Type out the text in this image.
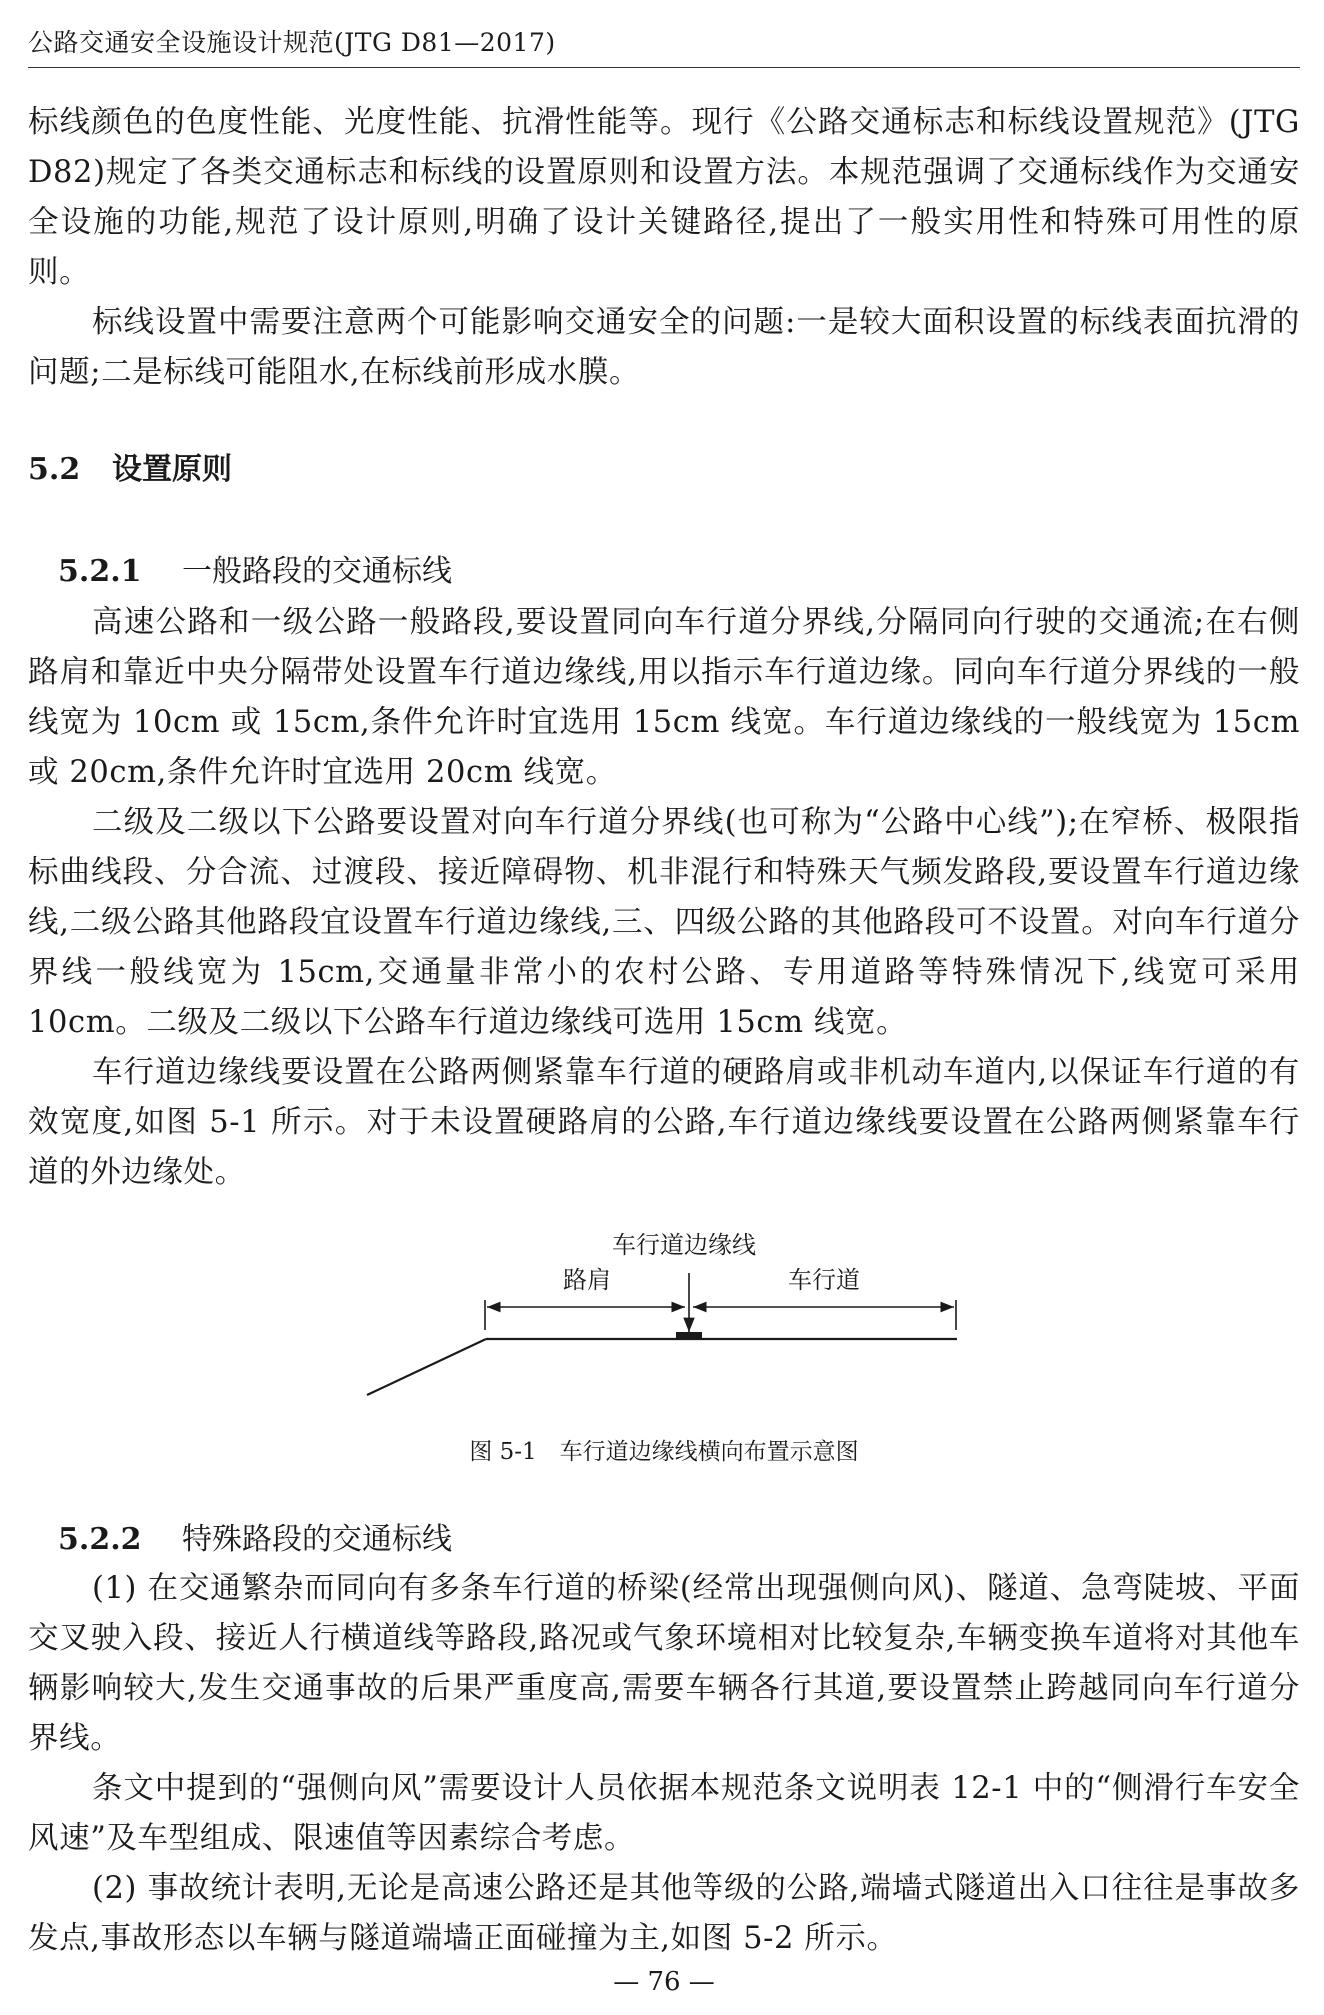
公路交通安全设施设计规范(JTG D81—2017)

标线颜色的色度性能、光度性能、抗滑性能等。现行《公路交通标志和标线设置规范》(JTG D82)规定了各类交通标志和标线的设置原则和设置方法。本规范强调了交通标线作为交通安全设施的功能,规范了设计原则,明确了设计关键路径,提出了一般实用性和特殊可用性的原则。

标线设置中需要注意两个可能影响交通安全的问题:一是较大面积设置的标线表面抗滑的问题;二是标线可能阻水,在标线前形成水膜。

5.2 设置原则
5.2.1 一般路段的交通标线

高速公路和一级公路一般路段,要设置同向车行道分界线,分隔同向行驶的交通流;在右侧路肩和靠近中央分隔带处设置车行道边缘线,用以指示车行道边缘。同向车行道分界线的一般线宽为 10cm 或 15cm,条件允许时宜选用 15cm 线宽。车行道边缘线的一般线宽为 15cm 或 20cm,条件允许时宜选用 20cm 线宽。

二级及二级以下公路要设置对向车行道分界线(也可称为“公路中心线”);在窄桥、极限指标曲线段、分合流、过渡段、接近障碍物、机非混行和特殊天气频发路段,要设置车行道边缘线,二级公路其他路段宜设置车行道边缘线,三、四级公路的其他路段可不设置。对向车行道分界线一般线宽为 15cm,交通量非常小的农村公路、专用道路等特殊情况下,线宽可采用 10cm。二级及二级以下公路车行道边缘线可选用 15cm 线宽。

车行道边缘线要设置在公路两侧紧靠车行道的硬路肩或非机动车道内,以保证车行道的有效宽度,如图 5-1 所示。对于未设置硬路肩的公路,车行道边缘线要设置在公路两侧紧靠车行道的外边缘处。

车行道边缘线
路肩	车行道
图 5-1　车行道边缘线横向布置示意图
5.2.2 特殊路段的交通标线

(1) 在交通繁杂而同向有多条车行道的桥梁(经常出现强侧向风)、隧道、急弯陡坡、平面交叉驶入段、接近人行横道线等路段,路况或气象环境相对比较复杂,车辆变换车道将对其他车辆影响较大,发生交通事故的后果严重度高,需要车辆各行其道,要设置禁止跨越同向车行道分界线。

条文中提到的“强侧向风”需要设计人员依据本规范条文说明表 12-1 中的“侧滑行车安全风速”及车型组成、限速值等因素综合考虑。

(2) 事故统计表明,无论是高速公路还是其他等级的公路,端墙式隧道出入口往往是事故多发点,事故形态以车辆与隧道端墙正面碰撞为主,如图 5-2 所示。

— 76 —
